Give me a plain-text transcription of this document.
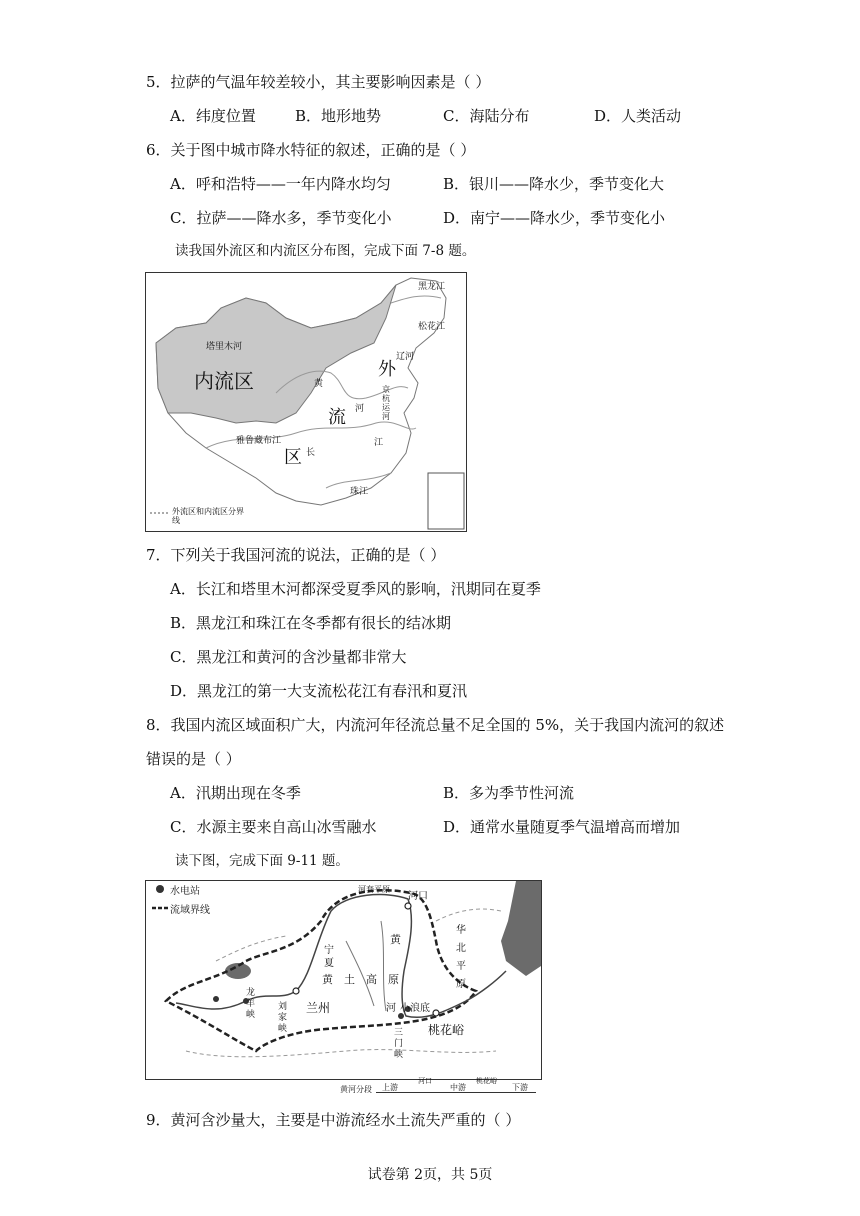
5．拉萨的气温年较差较小，其主要影响因素是（ ）
A．纬度位置	B．地形地势	C．海陆分布	D．人类活动
6．关于图中城市降水特征的叙述，正确的是（ ）
A．呼和浩特——一年内降水均匀	B．银川——降水少，季节变化大
C．拉萨——降水多，季节变化小	D．南宁——降水少，季节变化小
读我国外流区和内流区分布图，完成下面 7-8 题。
黑龙江
松花江
辽河
塔里木河
内流区	外
流
区
黄
河
京杭运河
雅鲁藏布江
长
江
珠江
外流区和内流区分界线
7．下列关于我国河流的说法，正确的是（ ）
A．长江和塔里木河都深受夏季风的影响，汛期同在夏季
B．黑龙江和珠江在冬季都有很长的结冰期
C．黑龙江和黄河的含沙量都非常大
D．黑龙江的第一大支流松花江有春汛和夏汛
8．我国内流区域面积广大，内流河年径流总量不足全国的 5%，关于我国内流河的叙述
错误的是（ ）
A．汛期出现在冬季	B．多为季节性河流
C．水源主要来自高山冰雪融水	D．通常水量随夏季气温增高而增加
读下图，完成下面 9-11 题。
水电站
流域界线
河套平原
河口
华
北
平
原
宁
夏
黄 土 高 原
黄
河
兰州	小浪底
桃花峪
龙
羊
峡
刘
家
峡	三
门
峡
黄河分段 上游
河口
中游
桃花峪
下游
9．黄河含沙量大，主要是中游流经水土流失严重的（ ）
试卷第 2页，共 5页
